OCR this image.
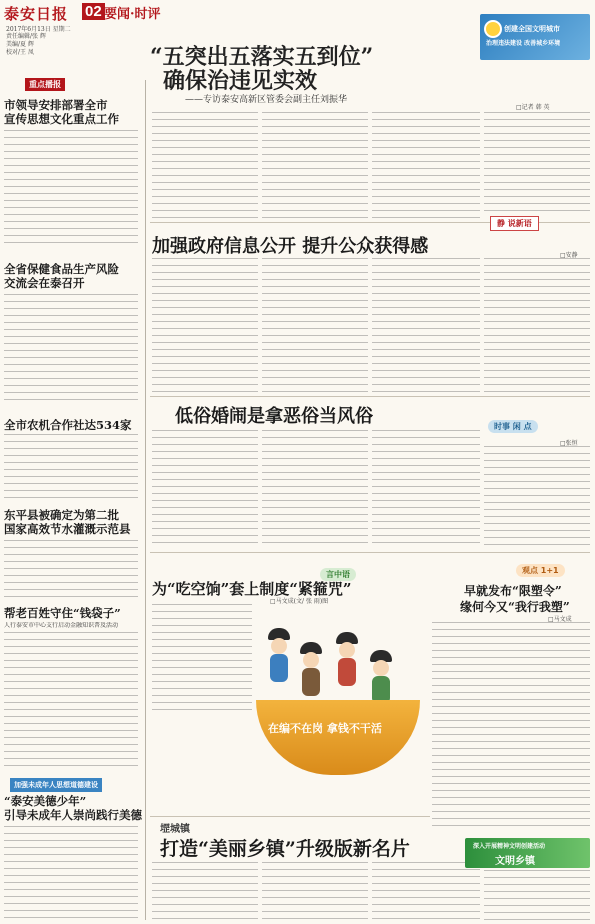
泰安日报 02 要闻·时评
2017年6月13日 星期二
责任编辑/张 辉
美编/夏 辉
校对/王 凤
创建全国文明城市
治理违法建设 改善城乡环境
“五突出五落实五到位”
确保治违见实效
——专访泰安高新区管委会副主任刘振华
□记者 韩 英
重点播报
市领导安排部署全市
宣传思想文化重点工作
全省保健食品生产风险
交流会在泰召开
全市农机合作社达534家
东平县被确定为第二批
国家高效节水灌溉示范县
帮老百姓守住“钱袋子”
人行泰安市中心支行启动金融知识普及活动
加强未成年人思想道德建设
“泰安美德少年”
引导未成年人崇尚践行美德
静 说新语
加强政府信息公开 提升公众获得感	□安静
时事 闲 点
低俗婚闹是拿恶俗当风俗
□张恒
言中语
为“吃空饷”套上制度“紧箍咒”
□马文成(文/ 张 雨)图
在编不在岗 拿钱不干活
观点 1+1
早就发布“限塑令”
缘何今又“我行我塑”
□马文成
堽城镇
打造“美丽乡镇”升级版新名片	深入开展精神文明创建活动
文明乡镇
